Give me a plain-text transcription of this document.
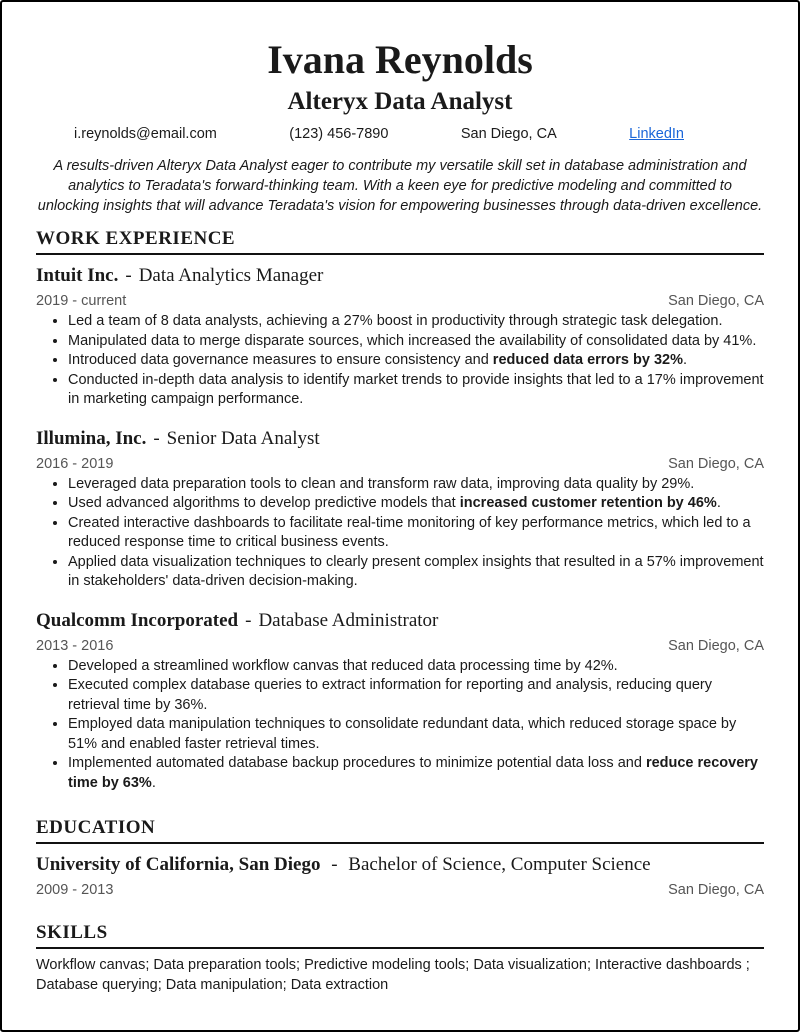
Ivana Reynolds
Alteryx Data Analyst
i.reynolds@email.com	(123) 456-7890	San Diego, CA	LinkedIn
A results-driven Alteryx Data Analyst eager to contribute my versatile skill set in database administration and analytics to Teradata's forward-thinking team. With a keen eye for predictive modeling and committed to unlocking insights that will advance Teradata's vision for empowering businesses through data-driven excellence.
WORK EXPERIENCE
Intuit Inc. - Data Analytics Manager
2019 - current	San Diego, CA
• Led a team of 8 data analysts, achieving a 27% boost in productivity through strategic task delegation.
• Manipulated data to merge disparate sources, which increased the availability of consolidated data by 41%.
• Introduced data governance measures to ensure consistency and reduced data errors by 32%.
• Conducted in-depth data analysis to identify market trends to provide insights that led to a 17% improvement in marketing campaign performance.
Illumina, Inc. - Senior Data Analyst
2016 - 2019	San Diego, CA
• Leveraged data preparation tools to clean and transform raw data, improving data quality by 29%.
• Used advanced algorithms to develop predictive models that increased customer retention by 46%.
• Created interactive dashboards to facilitate real-time monitoring of key performance metrics, which led to a reduced response time to critical business events.
• Applied data visualization techniques to clearly present complex insights that resulted in a 57% improvement in stakeholders' data-driven decision-making.
Qualcomm Incorporated - Database Administrator
2013 - 2016	San Diego, CA
• Developed a streamlined workflow canvas that reduced data processing time by 42%.
• Executed complex database queries to extract information for reporting and analysis, reducing query retrieval time by 36%.
• Employed data manipulation techniques to consolidate redundant data, which reduced storage space by 51% and enabled faster retrieval times.
• Implemented automated database backup procedures to minimize potential data loss and reduce recovery time by 63%.
EDUCATION
University of California, San Diego - Bachelor of Science, Computer Science
2009 - 2013	San Diego, CA
SKILLS
Workflow canvas; Data preparation tools; Predictive modeling tools; Data visualization; Interactive dashboards ; Database querying; Data manipulation; Data extraction
